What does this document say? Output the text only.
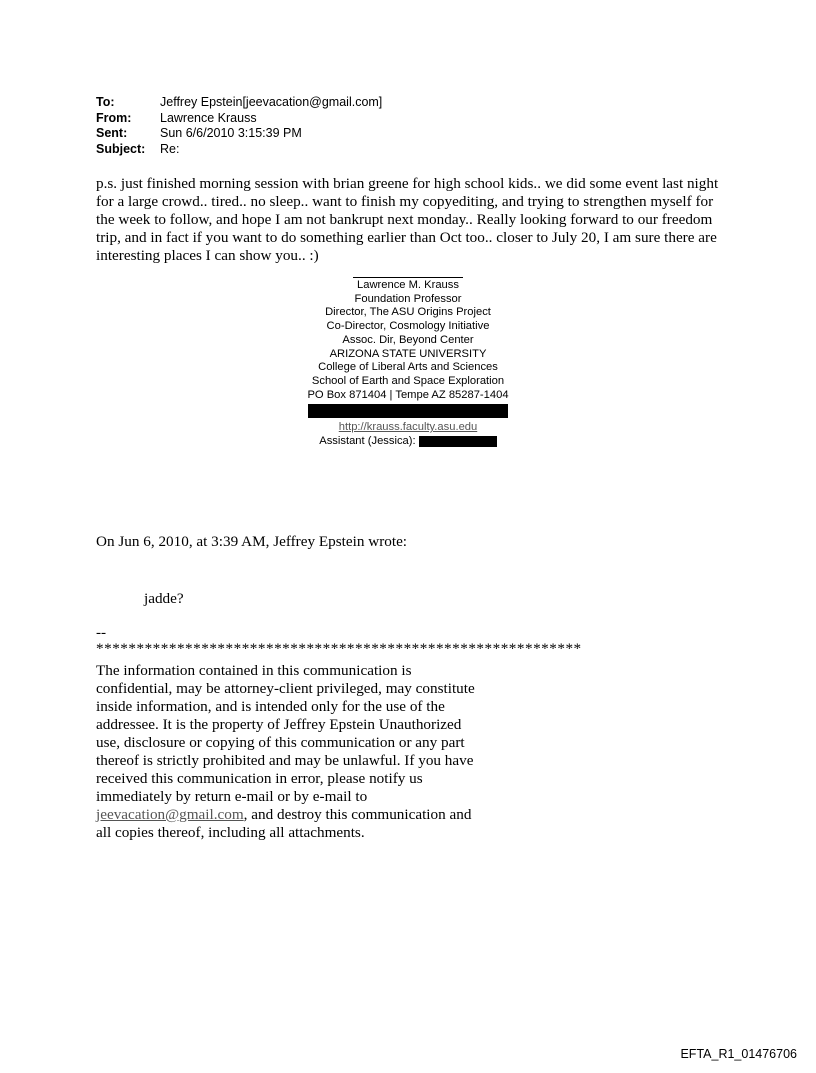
To:	Jeffrey Epstein[jeevacation@gmail.com]
From:	Lawrence Krauss
Sent:	Sun 6/6/2010 3:15:39 PM
Subject:	Re:
p.s. just finished morning session with brian greene for high school kids.. we did some event last night for a large crowd.. tired.. no sleep.. want to finish my copyediting, and trying to strengthen myself for the week to follow, and hope I am not bankrupt next monday.. Really looking forward to our freedom trip, and in fact if you want to do something earlier than Oct too.. closer to July 20, I am sure there are interesting places I can show you.. :)
Lawrence M. Krauss
Foundation Professor
Director, The ASU Origins Project
Co-Director, Cosmology Initiative
Assoc. Dir, Beyond Center
ARIZONA STATE UNIVERSITY
College of Liberal Arts and Sciences
School of Earth and Space Exploration
PO Box 871404 | Tempe AZ 85287-1404
http://krauss.faculty.asu.edu
Assistant (Jessica):
On Jun 6, 2010, at 3:39 AM, Jeffrey Epstein wrote:
jadde?
--
************************************************************
The information contained in this communication is confidential, may be attorney-client privileged, may constitute inside information, and is intended only for the use of the addressee. It is the property of Jeffrey Epstein Unauthorized use, disclosure or copying of this communication or any part thereof is strictly prohibited and may be unlawful. If you have received this communication in error, please notify us immediately by return e-mail or by e-mail to jeevacation@gmail.com, and destroy this communication and all copies thereof, including all attachments.
EFTA_R1_01476706
